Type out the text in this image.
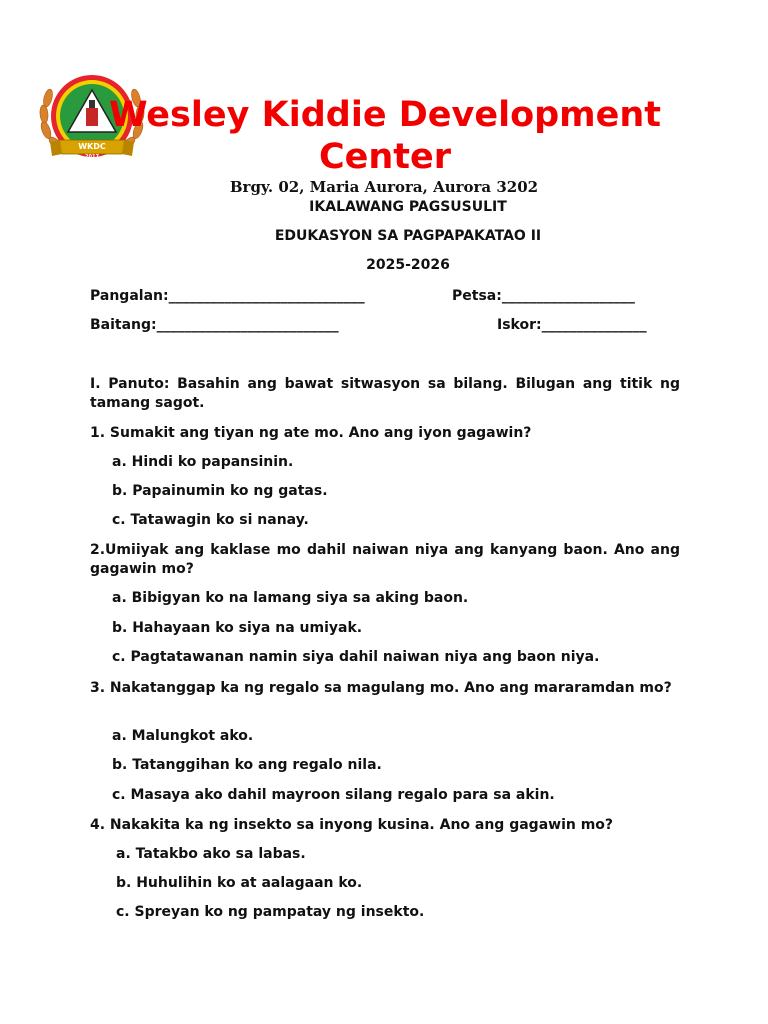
WKDC
2017
Wesley Kiddie Development
Center
Brgy. 02, Maria Aurora, Aurora 3202
IKALAWANG PAGSUSULIT
EDUKASYON SA PAGPAPAKATAO II
2025-2026
Pangalan:____________________________	Petsa:___________________
Baitang:__________________________	Iskor:_______________
I. Panuto: Basahin ang bawat sitwasyon sa bilang. Bilugan ang titik ng tamang sagot.
1. Sumakit ang tiyan ng ate mo. Ano ang iyon gagawin?
a. Hindi ko papansinin.
b. Papainumin ko ng gatas.
c. Tatawagin ko si nanay.
2.Umiiyak ang kaklase mo dahil naiwan niya ang kanyang baon. Ano ang gagawin mo?
a. Bibigyan ko na lamang siya sa aking baon.
b. Hahayaan ko siya na umiyak.
c. Pagtatawanan namin siya dahil naiwan niya ang baon niya.
3. Nakatanggap ka ng regalo sa magulang mo. Ano ang mararamdan mo?
a. Malungkot ako.
b. Tatanggihan ko ang regalo nila.
c. Masaya ako dahil mayroon silang regalo para sa akin.
4. Nakakita ka ng insekto sa inyong kusina. Ano ang gagawin mo?
a. Tatakbo ako sa labas.
b. Huhulihin ko at aalagaan ko.
c. Spreyan ko ng pampatay ng insekto.
